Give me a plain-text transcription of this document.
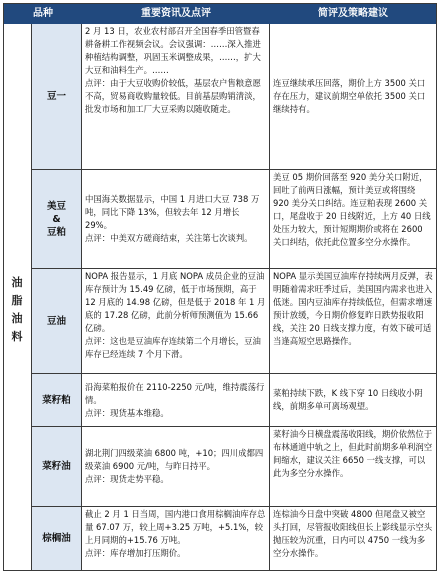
品种	重要资讯及点评	简评及策略建议
油脂油料
豆一
2 月 13 日，农业农村部召开全国春季田管暨春耕备耕工作视频会议。会议强调：……深入推进种植结构调整，巩固玉米调整成果，……，扩大大豆和油料生产。……
点评：由于大豆收购价较低，基层农户售粮意愿不高，贸易商收购量较低。目前基层购销清淡，批发市场和加工厂大豆采购以随收随走。
连豆继续承压回落，期价上方 3500 关口存在压力，建议前期空单依托 3500 关口继续持有。
美豆
&
豆粕
中国海关数据显示，中国 1 月进口大豆 738 万吨，同比下降 13%，但较去年 12 月增长 29%。
点评：中美双方磋商结束，关注第七次谈判。
美豆 05 期价回落至 920 美分关口附近，回吐了前两日涨幅，预计美豆或将围绕 920 美分关口纠结。连豆粕表现 2600 关口，尾盘收于 20 日线附近，上方 40 日线处压力较大，预计短期期价或将在 2600 关口纠结，依托此位置多空分水操作。
豆油
NOPA 报告显示，1 月底 NOPA 成员企业的豆油库存预计为 15.49 亿磅，低于市场预期，高于 12 月底的 14.98 亿磅，但是低于 2018 年 1 月底的 17.28 亿磅，此前分析师预测值为 15.66 亿磅。
点评：这也是豆油库存连续第二个月增长，豆油库存已经连续 7 个月下滑。
NOPA 显示美国豆油库存持续两月反弹，表明随着需求旺季过后，美国国内需求也进入低迷。国内豆油库存持续低位，但需求增速预计放缓，今日期价修复昨日跌势报收阳线，关注 20 日线支撑力度，有效下破可适当逢高短空思路操作。
菜籽粕
沿海菜粕报价在 2110-2250 元/吨，维持震荡行情。
点评：现货基本维稳。
菜粕持续下跌，K 线下穿 10 日线收小阴线，前期多单可离场观望。
菜籽油
湖北荆门四级菜油 6800 吨，+10；四川成都四级菜油 6900 元/吨，与昨日持平。
点评：现货走势平稳。
菜籽油今日横盘震荡收阳线，期价依然位于布林通道中轨之上，但此时前期多单利润空间缩水，建议关注 6650 一线支撑，可以此为多空分水操作。
棕榈油
截止 2 月 1 日当周，国内港口食用棕榈油库存总量 67.07 万，较上周+3.25 万吨，+5.1%，较上月同期的+15.76 万吨。
点评：库存增加打压期价。
连棕油今日盘中突破 4800 但尾盘又被空头打回，尽管报收阳线但长上影线显示空头抛压较为沉重，日内可以 4750 一线为多空分水操作。
